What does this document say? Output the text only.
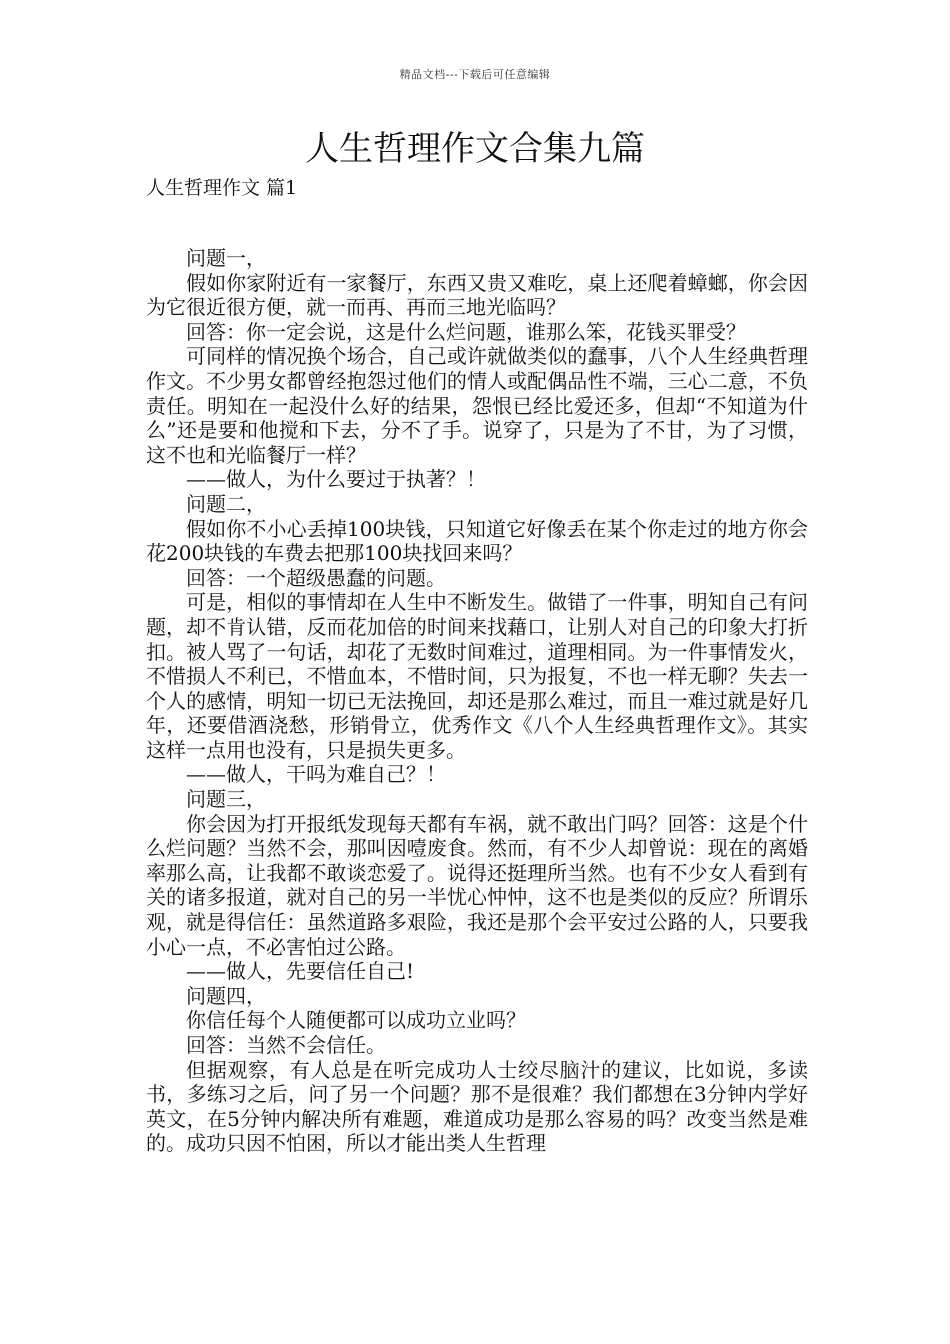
精品文档---下载后可任意编辑
人生哲理作文合集九篇
人生哲理作文 篇1

问题一，

假如你家附近有一家餐厅，东西又贵又难吃，桌上还爬着蟑螂，你会因为它很近很方便，就一而再、再而三地光临吗？

回答：你一定会说，这是什么烂问题，谁那么笨，花钱买罪受？

可同样的情况换个场合，自己或许就做类似的蠢事，八个人生经典哲理作文。不少男女都曾经抱怨过他们的情人或配偶品性不端，三心二意，不负责任。明知在一起没什么好的结果，怨恨已经比爱还多，但却“不知道为什么”还是要和他搅和下去，分不了手。说穿了，只是为了不甘，为了习惯，这不也和光临餐厅一样？

——做人，为什么要过于执著？！

问题二，

假如你不小心丢掉100块钱，只知道它好像丢在某个你走过的地方你会花200块钱的车费去把那100块找回来吗？

回答：一个超级愚蠢的问题。

可是，相似的事情却在人生中不断发生。做错了一件事，明知自己有问题，却不肯认错，反而花加倍的时间来找藉口，让别人对自己的印象大打折扣。被人骂了一句话，却花了无数时间难过，道理相同。为一件事情发火，不惜损人不利已，不惜血本，不惜时间，只为报复，不也一样无聊？失去一个人的感情，明知一切已无法挽回，却还是那么难过，而且一难过就是好几年，还要借酒浇愁，形销骨立，优秀作文《八个人生经典哲理作文》。其实这样一点用也没有，只是损失更多。

——做人，干吗为难自己？！

问题三，

你会因为打开报纸发现每天都有车祸，就不敢出门吗？回答：这是个什么烂问题？当然不会，那叫因噎废食。然而，有不少人却曾说：现在的离婚率那么高，让我都不敢谈恋爱了。说得还挺理所当然。也有不少女人看到有关的诸多报道，就对自己的另一半忧心忡忡，这不也是类似的反应？所谓乐观，就是得信任：虽然道路多艰险，我还是那个会平安过公路的人，只要我小心一点，不必害怕过公路。

——做人，先要信任自己!

问题四，

你信任每个人随便都可以成功立业吗？

回答：当然不会信任。

但据观察，有人总是在听完成功人士绞尽脑汁的建议，比如说，多读书，多练习之后，问了另一个问题？那不是很难？我们都想在3分钟内学好英文，在5分钟内解决所有难题，难道成功是那么容易的吗？改变当然是难的。成功只因不怕困，所以才能出类人生哲理
